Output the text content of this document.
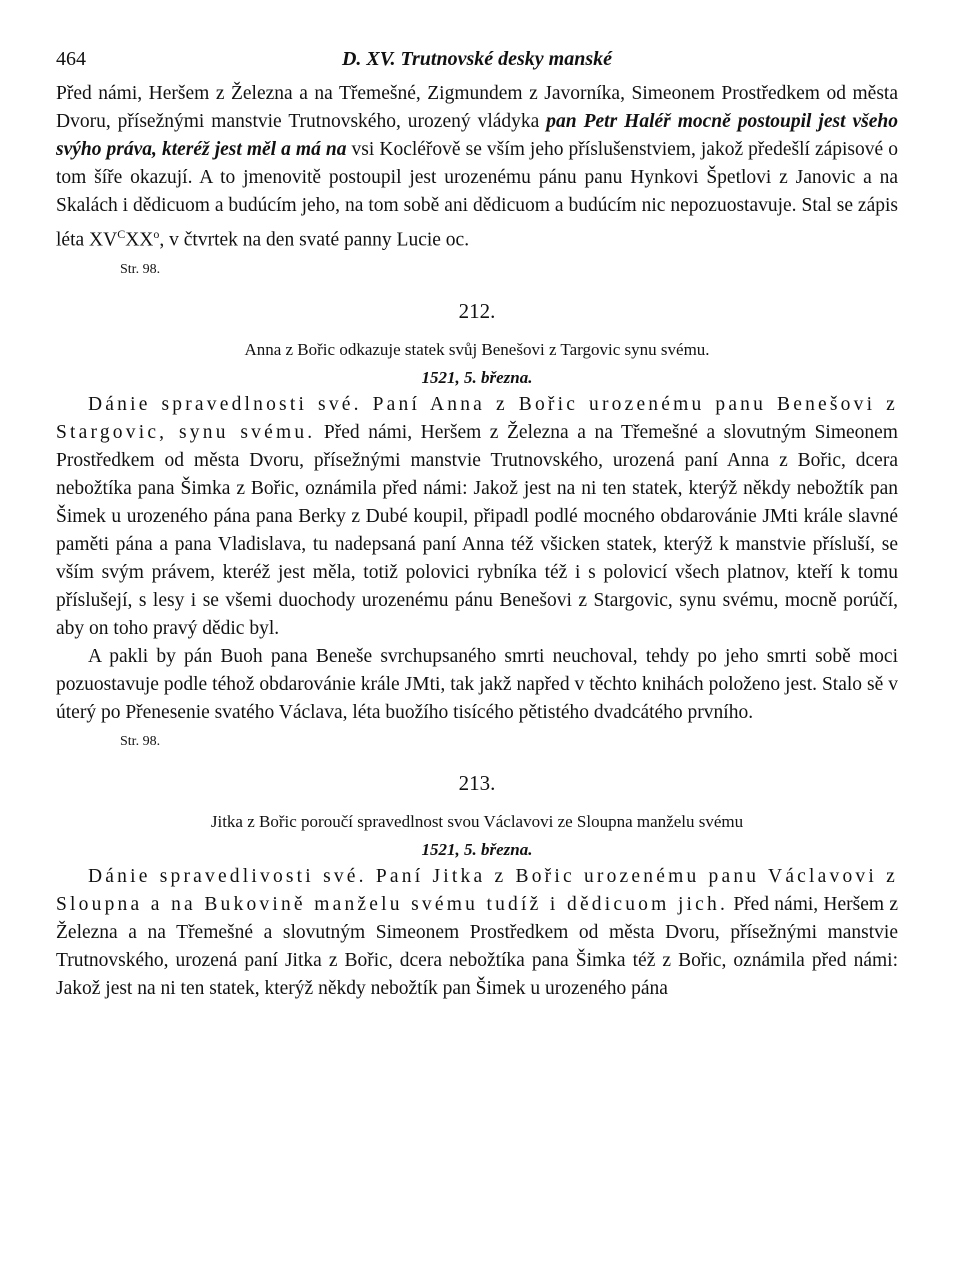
464	D. XV. Trutnovské desky manské

Před námi, Heršem z Železna a na Třemešné, Zigmundem z Javorníka, Simeonem Prostředkem od města Dvoru, přísežnými manstvie Trutnovského, urozený vládyka pan Petr Haléř mocně postoupil jest všeho svýho práva, kteréž jest měl a má na vsi Kocléřově se vším jeho příslušenstviem, jakož předešlí zápisové o tom šíře okazují. A to jmenovitě postoupil jest urozenému pánu panu Hynkovi Špetlovi z Janovic a na Skalách i dědicuom a budúcím jeho, na tom sobě ani dědicuom a budúcím nic nepozuostavuje. Stal se zápis léta $XV^CXX^o$, v čtvrtek na den svaté panny Lucie oc.

Str. 98.
212.
Anna z Bořic odkazuje statek svůj Benešovi z Targovic synu svému.
1521, 5. března.

Dánie spravedlnosti své. Paní Anna z Bořic urozenému panu Benešovi z Stargovic, synu svému. Před námi, Heršem z Železna a na Třemešné a slovutným Simeonem Prostředkem od města Dvoru, přísežnými manstvie Trutnovského, urozená paní Anna z Bořic, dcera nebožtíka pana Šimka z Bořic, oznámila před námi: Jakož jest na ni ten statek, kterýž někdy nebožtík pan Šimek u urozeného pána pana Berky z Dubé koupil, připadl podlé mocného obdarovánie JMti krále slavné paměti pána a pana Vladislava, tu nadepsaná paní Anna též všicken statek, kterýž k manstvie přísluší, se vším svým právem, kteréž jest měla, totiž polovici rybníka též i s polovicí všech platnov, kteří k tomu příslušejí, s lesy i se všemi duochody urozenému pánu Benešovi z Stargovic, synu svému, mocně porúčí, aby on toho pravý dědic byl.

A pakli by pán Buoh pana Beneše svrchupsaného smrti neuchoval, tehdy po jeho smrti sobě moci pozuostavuje podle téhož obdarovánie krále JMti, tak jakž napřed v těchto knihách položeno jest. Stalo sě v úterý po Přenesenie svatého Václava, léta buožího tisícého pětistého dvadcátého prvního.

Str. 98.
213.
Jitka z Bořic poroučí spravedlnost svou Václavovi ze Sloupna manželu svému
1521, 5. března.

Dánie spravedlivosti své. Paní Jitka z Bořic urozenému panu Václavovi z Sloupna a na Bukovině manželu svému tudíž i dědicuom jich. Před námi, Heršem z Železna a na Třemešné a slovutným Simeonem Prostředkem od města Dvoru, přísežnými manstvie Trutnovského, urozená paní Jitka z Bořic, dcera nebožtíka pana Šimka též z Bořic, oznámila před námi: Jakož jest na ni ten statek, kterýž někdy nebožtík pan Šimek u urozeného pána
